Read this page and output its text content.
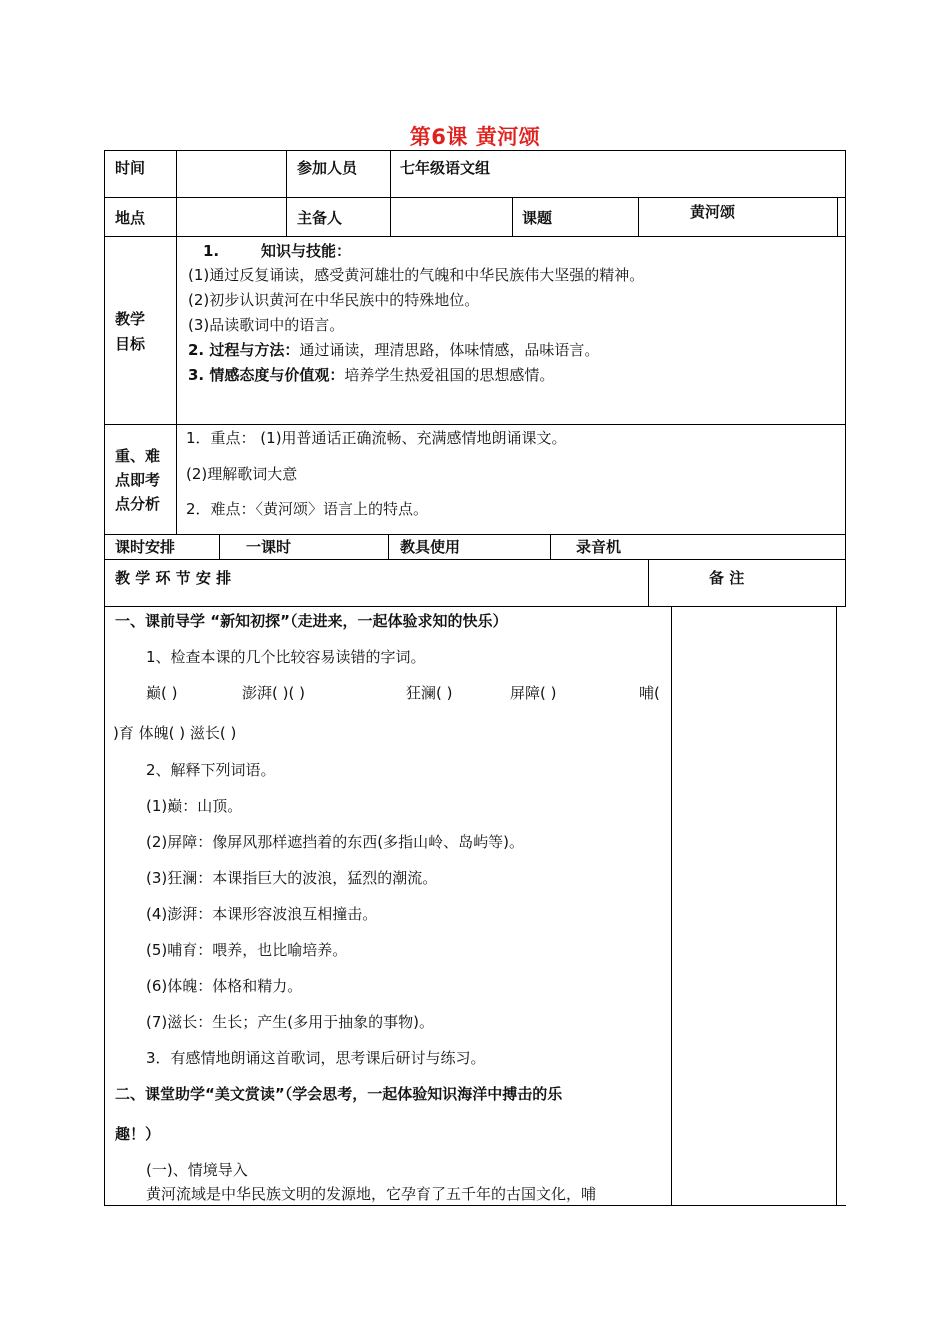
第6课 黄河颂
时间	参加人员	七年级语文组
地点	主备人	课题	黄河颂
教学
目标
1.	知识与技能：
(1)通过反复诵读，感受黄河雄壮的气魄和中华民族伟大坚强的精神。
(2)初步认识黄河在中华民族中的特殊地位。
(3)品读歌词中的语言。
2. 过程与方法：通过诵读，理清思路，体味情感，品味语言。
3. 情感态度与价值观：培养学生热爱祖国的思想感情。
重、难
点即考
点分析
1．重点： (1)用普通话正确流畅、充满感情地朗诵课文。
(2)理解歌词大意
2．难点：〈黄河颂〉语言上的特点。
课时安排	一课时	教具使用	录音机
教 学 环 节 安 排	备 注
一、课前导学 “新知初探”（走进来，一起体验求知的快乐）
1、检查本课的几个比较容易读错的字词。
巅( )	澎湃( )( )	狂澜( )	屏障( )	哺(
)育 体魄( ) 滋长( )
2、解释下列词语。
(1)巅：山顶。
(2)屏障：像屏风那样遮挡着的东西(多指山岭、岛屿等)。
(3)狂澜：本课指巨大的波浪，猛烈的潮流。
(4)澎湃：本课形容波浪互相撞击。
(5)哺育：喂养，也比喻培养。
(6)体魄：体格和精力。
(7)滋长：生长；产生(多用于抽象的事物)。
3．有感情地朗诵这首歌词，思考课后研讨与练习。
二、课堂助学“美文赏读”（学会思考，一起体验知识海洋中搏击的乐
趣！）
(一)、情境导入
黄河流域是中华民族文明的发源地，它孕育了五千年的古国文化，哺
